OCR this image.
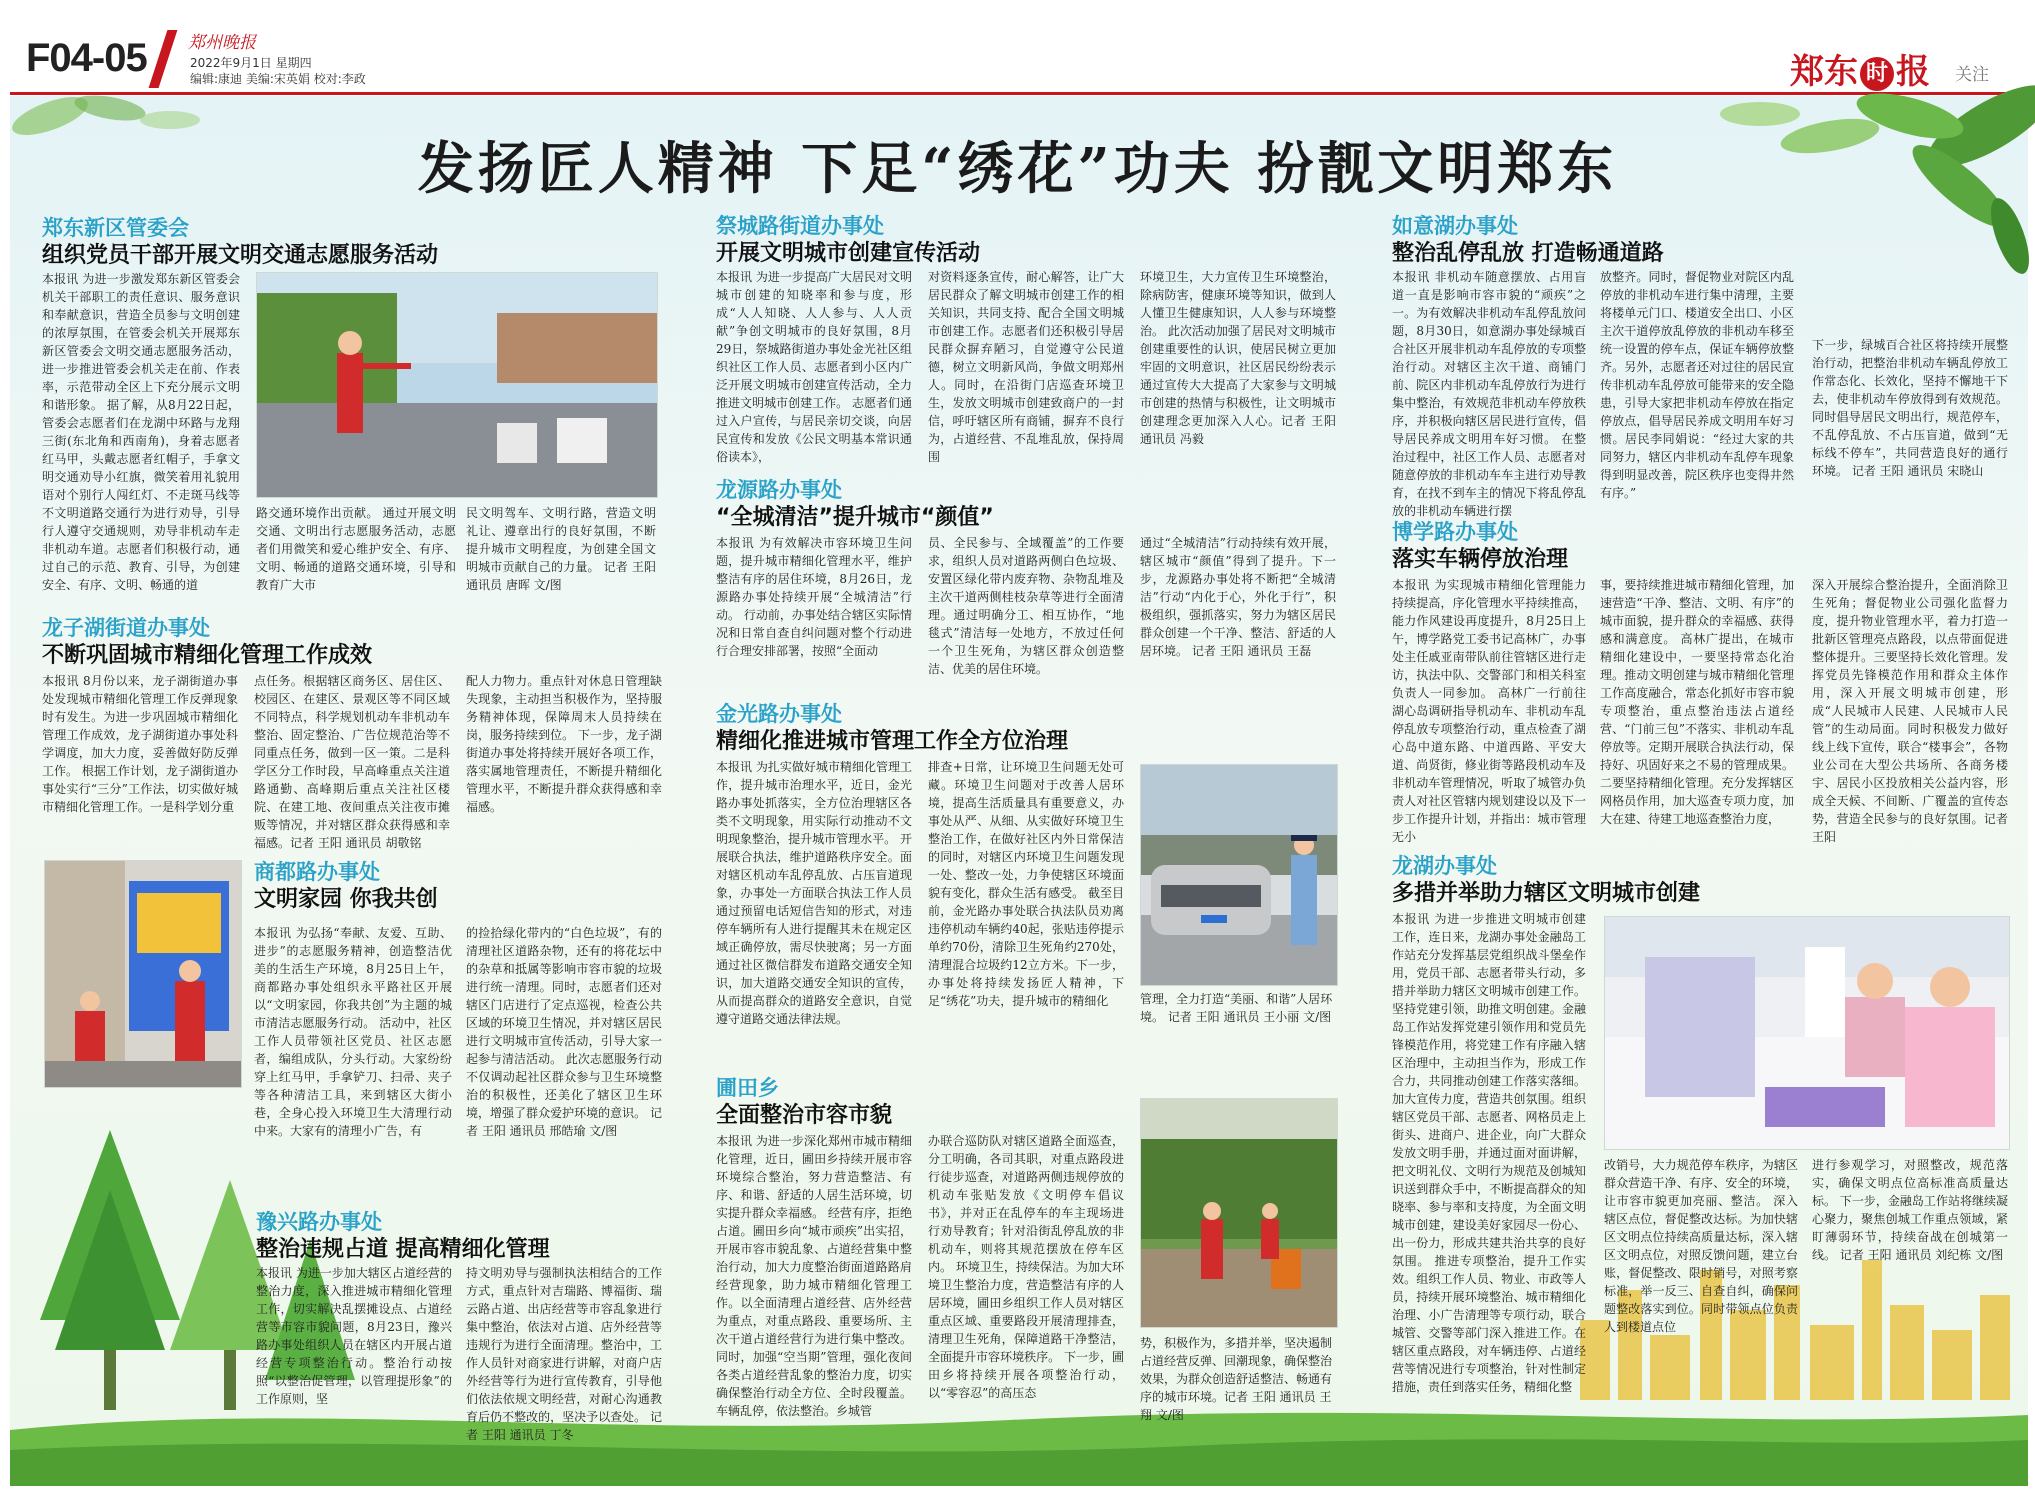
F04-05 郑州晚报
2022年9月1日 星期四
编辑:康迪 美编:宋英娟 校对:李政	郑东 时 报 关注
发扬匠人精神 下足“绣花”功夫 扮靓文明郑东
郑东新区管委会
组织党员干部开展文明交通志愿服务活动
本报讯 为进一步激发郑东新区管委会机关干部职工的责任意识、服务意识和奉献意识，营造全员参与文明创建的浓厚氛围，在管委会机关开展郑东新区管委会文明交通志愿服务活动，进一步推进管委会机关走在前、作表率，示范带动全区上下充分展示文明和谐形象。 据了解，从8月22日起，管委会志愿者们在龙湖中环路与龙翔三街(东北角和西南角)，身着志愿者红马甲，头戴志愿者红帽子，手拿文明交通劝导小红旗，微笑着用礼貌用语对个别行人闯红灯、不走斑马线等不文明道路交通行为进行劝导，引导行人遵守交通规则，劝导非机动车走非机动车道。志愿者们积极行动，通过自己的示范、教育、引导，为创建安全、有序、文明、畅通的道
路交通环境作出贡献。 通过开展文明交通、文明出行志愿服务活动，志愿者们用微笑和爱心维护安全、有序、文明、畅通的道路交通环境，引导和教育广大市
民文明驾车、文明行路，营造文明礼让、遵章出行的良好氛围，不断提升城市文明程度，为创建全国文明城市贡献自己的力量。 记者 王阳 通讯员 唐晖 文/图
祭城路街道办事处
开展文明城市创建宣传活动
本报讯 为进一步提高广大居民对文明城市创建的知晓率和参与度，形成“人人知晓、人人参与、人人贡献”争创文明城市的良好氛围，8月29日，祭城路街道办事处金光社区组织社区工作人员、志愿者到小区内广泛开展文明城市创建宣传活动，全力推进文明城市创建工作。 志愿者们通过入户宣传，与居民亲切交谈，向居民宣传和发放《公民文明基本常识通俗读本》，
对资料逐条宣传，耐心解答，让广大居民群众了解文明城市创建工作的相关知识，共同支持、配合全国文明城市创建工作。志愿者们还积极引导居民群众摒弃陋习，自觉遵守公民道德，树立文明新风尚，争做文明郑州人。同时，在沿街门店巡查环境卫生，发放文明城市创建致商户的一封信，呼吁辖区所有商铺，摒弃不良行为，占道经营、不乱堆乱放，保持周围
环境卫生，大力宣传卫生环境整治，除病防害，健康环境等知识，做到人人懂卫生健康知识，人人参与环境整治。 此次活动加强了居民对文明城市创建重要性的认识，使居民树立更加牢固的文明意识，社区居民纷纷表示通过宣传大大提高了大家参与文明城市创建的热情与积极性，让文明城市创建理念更加深入人心。记者 王阳 通讯员 冯毅
如意湖办事处
整治乱停乱放 打造畅通道路
本报讯 非机动车随意摆放、占用盲道一直是影响市容市貌的“顽疾”之一。为有效解决非机动车乱停乱放问题，8月30日，如意湖办事处绿城百合社区开展非机动车乱停放的专项整治行动。对辖区主次干道、商铺门前、院区内非机动车乱停放行为进行集中整治，有效规范非机动车停放秩序，并积极向辖区居民进行宣传，倡导居民养成文明用车好习惯。 在整治过程中，社区工作人员、志愿者对随意停放的非机动车车主进行劝导教育，在找不到车主的情况下将乱停乱放的非机动车辆进行摆
放整齐。同时，督促物业对院区内乱停放的非机动车进行集中清理，主要将楼单元门口、楼道安全出口、小区主次干道停放乱停放的非机动车移至统一设置的停车点，保证车辆停放整齐。另外，志愿者还对过往的居民宣传非机动车乱停放可能带来的安全隐患，引导大家把非机动车停放在指定停放点，倡导居民养成文明用车好习惯。居民李同娟说：“经过大家的共同努力，辖区内非机动车乱停车现象得到明显改善，院区秩序也变得井然有序。”
下一步，绿城百合社区将持续开展整治行动，把整治非机动车辆乱停放工作常态化、长效化，坚持不懈地干下去，使非机动车停放得到有效规范。同时倡导居民文明出行，规范停车，不乱停乱放、不占压盲道，做到“无标线不停车”，共同营造良好的通行环境。 记者 王阳 通讯员 宋晓山
龙源路办事处
“全城清洁”提升城市“颜值”
本报讯 为有效解决市容环境卫生问题，提升城市精细化管理水平，维护整洁有序的居住环境，8月26日，龙源路办事处持续开展“全城清洁”行动。 行动前，办事处结合辖区实际情况和日常自查自纠问题对整个行动进行合理安排部署，按照“全面动
员、全民参与、全域覆盖”的工作要求，组织人员对道路两侧白色垃圾、安置区绿化带内废弃物、杂物乱堆及主次干道两侧桂枝杂草等进行全面清理。通过明确分工、相互协作，“地毯式”清洁每一处地方，不放过任何一个卫生死角，为辖区群众创造整洁、优美的居住环境。
通过“全城清洁”行动持续有效开展，辖区城市“颜值”得到了提升。下一步，龙源路办事处将不断把“全城清洁”行动“内化于心，外化于行”，积极组织，强抓落实，努力为辖区居民群众创建一个干净、整洁、舒适的人居环境。 记者 王阳 通讯员 王磊
博学路办事处
落实车辆停放治理
本报讯 为实现城市精细化管理能力持续提高，序化管理水平持续推高，能力作风建设再度提升，8月25日上午，博学路党工委书记高林广，办事处主任戚亚南带队前往管辖区进行走访，执法中队、交警部门和相关科室负责人一同参加。 高林广一行前往湖心岛调研指导机动车、非机动车乱停乱放专项整治行动，重点检查了湖心岛中道东路、中道西路、平安大道、尚贤街，修业街等路段机动车及非机动车管理情况，听取了城管办负责人对社区管辖内规划建设以及下一步工作提升计划，并指出：城市管理无小
事，要持续推进城市精细化管理，加速营造“干净、整洁、文明、有序”的城市面貌，提升群众的幸福感、获得感和满意度。 高林广提出，在城市精细化建设中，一要坚持常态化治理。推动文明创建与城市精细化管理工作高度融合，常态化抓好市容市貌专项整治，重点整治违法占道经营、“门前三包”不落实、非机动车乱停放等。定期开展联合执法行动，保持好、巩固好来之不易的管理成果。二要坚持精细化管理。充分发挥辖区网格员作用，加大巡查专项力度，加大在建、待建工地巡查整治力度，
深入开展综合整治提升，全面消除卫生死角；督促物业公司强化监督力度，提升物业管理水平，着力打造一批新区管理亮点路段，以点带面促进整体提升。三要坚持长效化管理。发挥党员先锋模范作用和群众主体作用，深入开展文明城市创建，形成“人民城市人民建、人民城市人民管”的生动局面。同时积极发力做好线上线下宣传，联合“楼事会”，各物业公司在大型公共场所、各商务楼宇、居民小区投放相关公益内容，形成全天候、不间断、广覆盖的宣传态势，营造全民参与的良好氛围。记者 王阳
龙子湖街道办事处
不断巩固城市精细化管理工作成效
本报讯 8月份以来，龙子湖街道办事处发现城市精细化管理工作反弹现象时有发生。为进一步巩固城市精细化管理工作成效，龙子湖街道办事处科学调度，加大力度，妥善做好防反弹工作。 根据工作计划，龙子湖街道办事处实行“三分”工作法，切实做好城市精细化管理工作。一是科学划分重
点任务。根据辖区商务区、居住区、校园区、在建区、景观区等不同区域不同特点，科学规划机动车非机动车整治、固定整治、广告位规范治等不同重点任务，做到一区一策。二是科学区分工作时段，早高峰重点关注道路通勤、高峰期后重点关注社区楼院、在建工地、夜间重点关注夜市摊贩等情况，并对辖区群众获得感和幸福感。记者 王阳 通讯员 胡敬铭
配人力物力。重点针对休息日管理缺失现象，主动担当积极作为，坚持服务精神体现，保障周末人员持续在岗，服务持续到位。 下一步，龙子湖街道办事处将持续开展好各项工作，落实属地管理责任，不断提升精细化管理水平，不断提升群众获得感和幸福感。
金光路办事处
精细化推进城市管理工作全方位治理
本报讯 为扎实做好城市精细化管理工作，提升城市治理水平，近日，金光路办事处抓落实，全方位治理辖区各类不文明现象，用实际行动推动不文明现象整治，提升城市管理水平。 开展联合执法，维护道路秩序安全。面对辖区机动车乱停乱放、占压盲道现象，办事处一方面联合执法工作人员通过预留电话短信告知的形式，对违停车辆所有人进行提醒其未在规定区域正确停放，需尽快驶离；另一方面通过社区微信群发布道路交通安全知识，加大道路交通安全知识的宣传，从而提高群众的道路安全意识，自觉遵守道路交通法律法规。
排查+日常，让环境卫生问题无处可藏。环境卫生问题对于改善人居环境，提高生活质量具有重要意义，办事处从严、从细、从实做好环境卫生整治工作，在做好社区内外日常保洁的同时，对辖区内环境卫生问题发现一处、整改一处，力争使辖区环境面貌有变化，群众生活有感受。 截至目前，金光路办事处联合执法队员劝离违停机动车辆约40起，张贴违停提示单约70份，清除卫生死角约270处，清理混合垃圾约12立方米。下一步，办事处将持续发扬匠人精神，下足“绣花”功夫，提升城市的精细化	管理，全力打造“美丽、和谐”人居环境。 记者 王阳 通讯员 王小丽 文/图
龙湖办事处
多措并举助力辖区文明城市创建
本报讯 为进一步推进文明城市创建工作，连日来，龙湖办事处金融岛工作站充分发挥基层党组织战斗堡垒作用，党员干部、志愿者带头行动，多措并举助力辖区文明城市创建工作。 坚持党建引领，助推文明创建。金融岛工作站发挥党建引领作用和党员先锋模范作用，将党建工作有序融入辖区治理中，主动担当作为，形成工作合力，共同推动创建工作落实落细。 加大宣传力度，营造共创氛围。组织辖区党员干部、志愿者、网格员走上街头、进商户、进企业，向广大群众发放文明手册，并通过面对面讲解，把文明礼仪、文明行为规范及创城知识送到群众手中，不断提高群众的知晓率、参与率和支持度，为全面文明城市创建，建设美好家园尽一份心、出一份力，形成共建共治共享的良好氛围。 推进专项整治，提升工作实效。组织工作人员、物业、市政等人员，持续开展环境整治、城市精细化治理、小广告清理等专项行动，联合城管、交警等部门深入推进工作。在辖区重点路段，对车辆违停、占道经营等情况进行专项整治，针对性制定措施，责任到落实任务，精细化整
改销号，大力规范停车秩序，为辖区群众营造干净、有序、安全的环境，让市容市貌更加亮丽、整洁。 深入辖区点位，督促整改达标。为加快辖区文明点位持续高质量达标，深入辖区文明点位，对照反馈问题，建立台账，督促整改、限时销号，对照考察标准，举一反三、自查自纠，确保问题整改落实到位。同时带领点位负责人到楼道点位
进行参观学习，对照整改，规范落实，确保文明点位高标准高质量达标。 下一步，金融岛工作站将继续凝心聚力，聚焦创城工作重点领域，紧盯薄弱环节，持续奋战在创城第一线。 记者 王阳 通讯员 刘纪栋 文/图
商都路办事处
文明家园 你我共创
本报讯 为弘扬“奉献、友爱、互助、进步”的志愿服务精神，创造整洁优美的生活生产环境，8月25日上午，商都路办事处组织永平路社区开展以“文明家园，你我共创”为主题的城市清洁志愿服务行动。 活动中，社区工作人员带领社区党员、社区志愿者，编组成队，分头行动。大家纷纷穿上红马甲，手拿铲刀、扫帚、夹子等各种清洁工具，来到辖区大街小巷，全身心投入环境卫生大清理行动中来。大家有的清理小广告，有
的捡拾绿化带内的“白色垃圾”，有的清理社区道路杂物，还有的将花坛中的杂草和抵属等影响市容市貌的垃圾进行统一清理。同时，志愿者们还对辖区门店进行了定点巡视，检查公共区域的环境卫生情况，并对辖区居民进行文明城市宣传活动，引导大家一起参与清洁活动。 此次志愿服务行动不仅调动起社区群众参与卫生环境整治的积极性，还美化了辖区卫生环境，增强了群众爱护环境的意识。 记者 王阳 通讯员 邢皓瑜 文/图
豫兴路办事处
整治违规占道 提高精细化管理
本报讯 为进一步加大辖区占道经营的整治力度，深入推进城市精细化管理工作，切实解决乱摆摊设点、占道经营等市容市貌问题，8月23日，豫兴路办事处组织人员在辖区内开展占道经营专项整治行动。整治行动按照“以整治促管理，以管理提形象”的工作原则，坚
持文明劝导与强制执法相结合的工作方式，重点针对吉瑞路、博福街、瑞云路占道、出店经营等市容乱象进行集中整治，依法对占道、店外经营等违规行为进行全面清理。整治中，工作人员针对商家进行讲解，对商户店外经营等行为进行宣传教育，引导他们依法依规文明经营，对耐心沟通教育后仍不整改的，坚决予以查处。 记者 王阳 通讯员 丁冬
圃田乡
全面整治市容市貌
本报讯 为进一步深化郑州市城市精细化管理，近日，圃田乡持续开展市容环境综合整治，努力营造整洁、有序、和谐、舒适的人居生活环境，切实提升群众幸福感。 经营有序，拒绝占道。圃田乡向“城市顽疾”出实招，开展市容市貌乱象、占道经营集中整治行动，加大力度整治街面道路路肩经营现象，助力城市精细化管理工作。以全面清理占道经营、店外经营为重点，对重点路段、重要场所、主次干道占道经营行为进行集中整改。同时，加强“空当期”管理，强化夜间各类占道经营乱象的整治力度，切实确保整治行动全方位、全时段覆盖。 车辆乱停，依法整治。乡城管
办联合巡防队对辖区道路全面巡查，分工明确，各司其职，对重点路段进行徒步巡查，对道路两侧违规停放的机动车张贴发放《文明停车倡议书》，并对正在乱停车的车主现场进行劝导教育；针对沿街乱停乱放的非机动车，则将其规范摆放在停车区内。 环境卫生，持续保洁。为加大环境卫生整治力度，营造整洁有序的人居环境，圃田乡组织工作人员对辖区重点区域、重要路段开展清理排查，清理卫生死角，保障道路干净整洁，全面提升市容环境秩序。 下一步，圃田乡将持续开展各项整治行动，以“零容忍”的高压态
势，积极作为，多措并举，坚决遏制占道经营反弹、回潮现象，确保整治效果，为群众创造舒适整洁、畅通有序的城市环境。记者 王阳 通讯员 王翔 文/图
